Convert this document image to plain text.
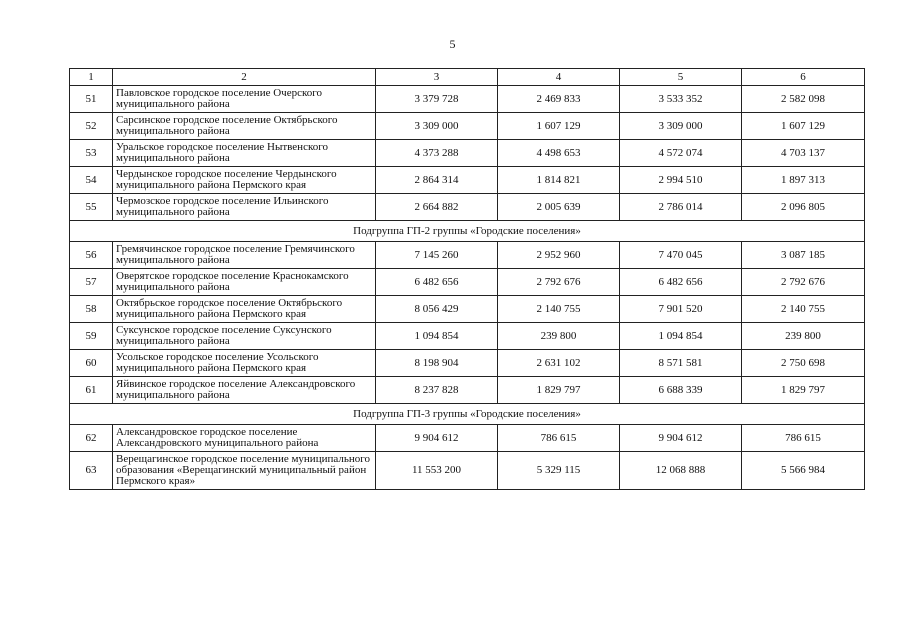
5
1	2	3	4	5	6
51	Павловское городское поселение Очерского муниципального района	3 379 728	2 469 833	3 533 352	2 582 098
52	Сарсинское городское поселение Октябрьского муниципального района	3 309 000	1 607 129	3 309 000	1 607 129
53	Уральское городское поселение Нытвенского муниципального района	4 373 288	4 498 653	4 572 074	4 703 137
54	Чердынское городское поселение Чердынского муниципального района Пермского края	2 864 314	1 814 821	2 994 510	1 897 313
55	Чермозское городское поселение Ильинского муниципального района	2 664 882	2 005 639	2 786 014	2 096 805
Подгруппа ГП-2 группы «Городские поселения»					
56	Гремячинское городское поселение Гремячинского муниципального района	7 145 260	2 952 960	7 470 045	3 087 185
57	Оверятское городское поселение Краснокамского муниципального района	6 482 656	2 792 676	6 482 656	2 792 676
58	Октябрьское городское поселение Октябрьского муниципального района Пермского края	8 056 429	2 140 755	7 901 520	2 140 755
59	Суксунское городское поселение Суксунского муниципального района	1 094 854	239 800	1 094 854	239 800
60	Усольское городское поселение Усольского муниципального района Пермского края	8 198 904	2 631 102	8 571 581	2 750 698
61	Яйвинское городское поселение Александровского муниципального района	8 237 828	1 829 797	6 688 339	1 829 797
Подгруппа ГП-3 группы «Городские поселения»					
62	Александровское городское поселение Александровского муниципального района	9 904 612	786 615	9 904 612	786 615
63	Верещагинское городское поселение муниципального образования «Верещагинский муниципальный район Пермского края»	11 553 200	5 329 115	12 068 888	5 566 984
